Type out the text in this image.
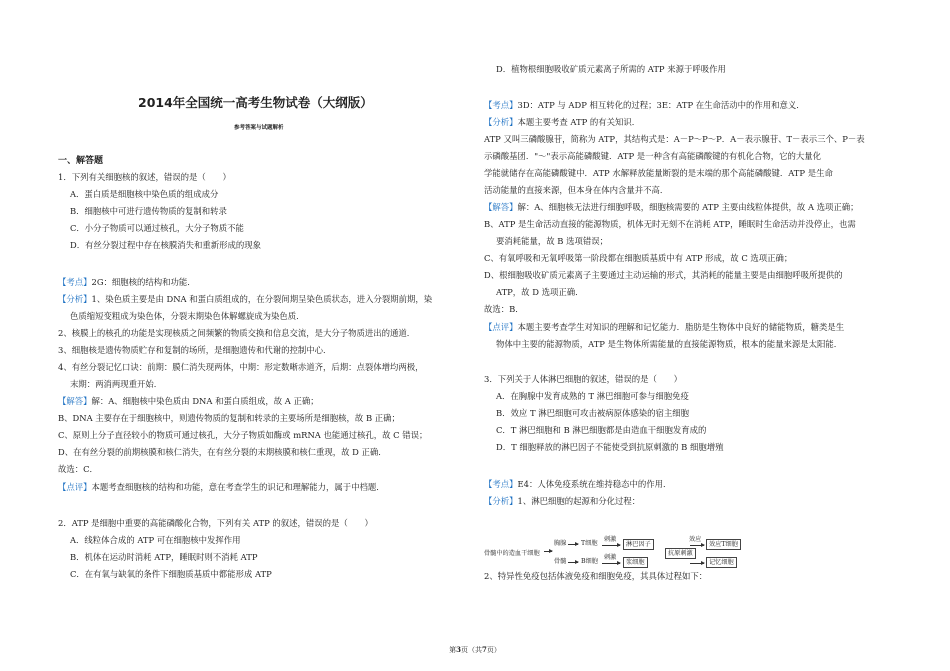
2014年全国统一高考生物试卷（大纲版）
参考答案与试题解析
一、解答题
1．下列有关细胞核的叙述，错误的是（　　）
A．蛋白质是细胞核中染色质的组成成分
B．细胞核中可进行遗传物质的复制和转录
C．小分子物质可以通过核孔，大分子物质不能
D．有丝分裂过程中存在核膜消失和重新形成的现象
【考点】2G：细胞核的结构和功能．
【分析】1、染色质主要是由 DNA 和蛋白质组成的，在分裂间期呈染色质状态，进入分裂期前期，染
色质缩短变粗成为染色体，分裂末期染色体解螺旋成为染色质．
2、核膜上的核孔的功能是实现核质之间频繁的物质交换和信息交流，是大分子物质进出的通道．
3、细胞核是遗传物质贮存和复制的场所，是细胞遗传和代谢的控制中心．
4、有丝分裂记忆口诀：前期：膜仁消失现两体，中期：形定数晰赤道齐，后期：点裂体增均两极，
末期：两消两现重开始．
【解答】解：A、细胞核中染色质由 DNA 和蛋白质组成，故 A 正确；
B、DNA 主要存在于细胞核中，则遗传物质的复制和转录的主要场所是细胞核，故 B 正确；
C、原则上分子直径较小的物质可通过核孔，大分子物质如酶或 mRNA 也能通过核孔，故 C 错误；
D、在有丝分裂的前期核膜和核仁消失，在有丝分裂的末期核膜和核仁重现，故 D 正确．
故选：C．
【点评】本题考查细胞核的结构和功能，意在考查学生的识记和理解能力，属于中档题．
2．ATP 是细胞中重要的高能磷酸化合物，下列有关 ATP 的叙述，错误的是（　　）
A．线粒体合成的 ATP 可在细胞核中发挥作用
B．机体在运动时消耗 ATP，睡眠时则不消耗 ATP
C．在有氧与缺氧的条件下细胞质基质中都能形成 ATP
D．植物根细胞吸收矿质元素离子所需的 ATP 来源于呼吸作用
【考点】3D：ATP 与 ADP 相互转化的过程；3E：ATP 在生命活动中的作用和意义．
【分析】本题主要考查 ATP 的有关知识．
ATP 又叫三磷酸腺苷，简称为 ATP，其结构式是：A－P～P～P．A－表示腺苷、T－表示三个、P－表
示磷酸基团．"～"表示高能磷酸键．ATP 是一种含有高能磷酸键的有机化合物，它的大量化
学能就储存在高能磷酸键中．ATP 水解释放能量断裂的是末端的那个高能磷酸键．ATP 是生命
活动能量的直接来源，但本身在体内含量并不高．
【解答】解：A、细胞核无法进行细胞呼吸，细胞核需要的 ATP 主要由线粒体提供，故 A 选项正确；
B、ATP 是生命活动直接的能源物质，机体无时无刻不在消耗 ATP，睡眠时生命活动并没停止，也需
要消耗能量，故 B 选项错误；
C、有氧呼吸和无氧呼吸第一阶段都在细胞质基质中有 ATP 形成，故 C 选项正确；
D、根细胞吸收矿质元素离子主要通过主动运输的形式，其消耗的能量主要是由细胞呼吸所提供的
ATP，故 D 选项正确．
故选：B．
【点评】本题主要考查学生对知识的理解和记忆能力．脂肪是生物体中良好的储能物质，糖类是生
物体中主要的能源物质，ATP 是生物体所需能量的直接能源物质，根本的能量来源是太阳能．
3．下列关于人体淋巴细胞的叙述，错误的是（　　）
A．在胸腺中发育成熟的 T 淋巴细胞可参与细胞免疫
B．效应 T 淋巴细胞可攻击被病原体感染的宿主细胞
C．T 淋巴细胞和 B 淋巴细胞都是由造血干细胞发育成的
D．T 细胞释放的淋巴因子不能使受到抗原刺激的 B 细胞增殖
【考点】E4：人体免疫系统在维持稳态中的作用．
【分析】1、淋巴细胞的起源和分化过程：
2、特异性免疫包括体液免疫和细胞免疫，其具体过程如下：
骨髓中的造血干细胞
胸腺
骨髓
T细胞
B细胞
刺激
刺激
淋巴因子
浆细胞
抗原刺激
效应
效应T细胞
记忆细胞
第3页（共7页）
